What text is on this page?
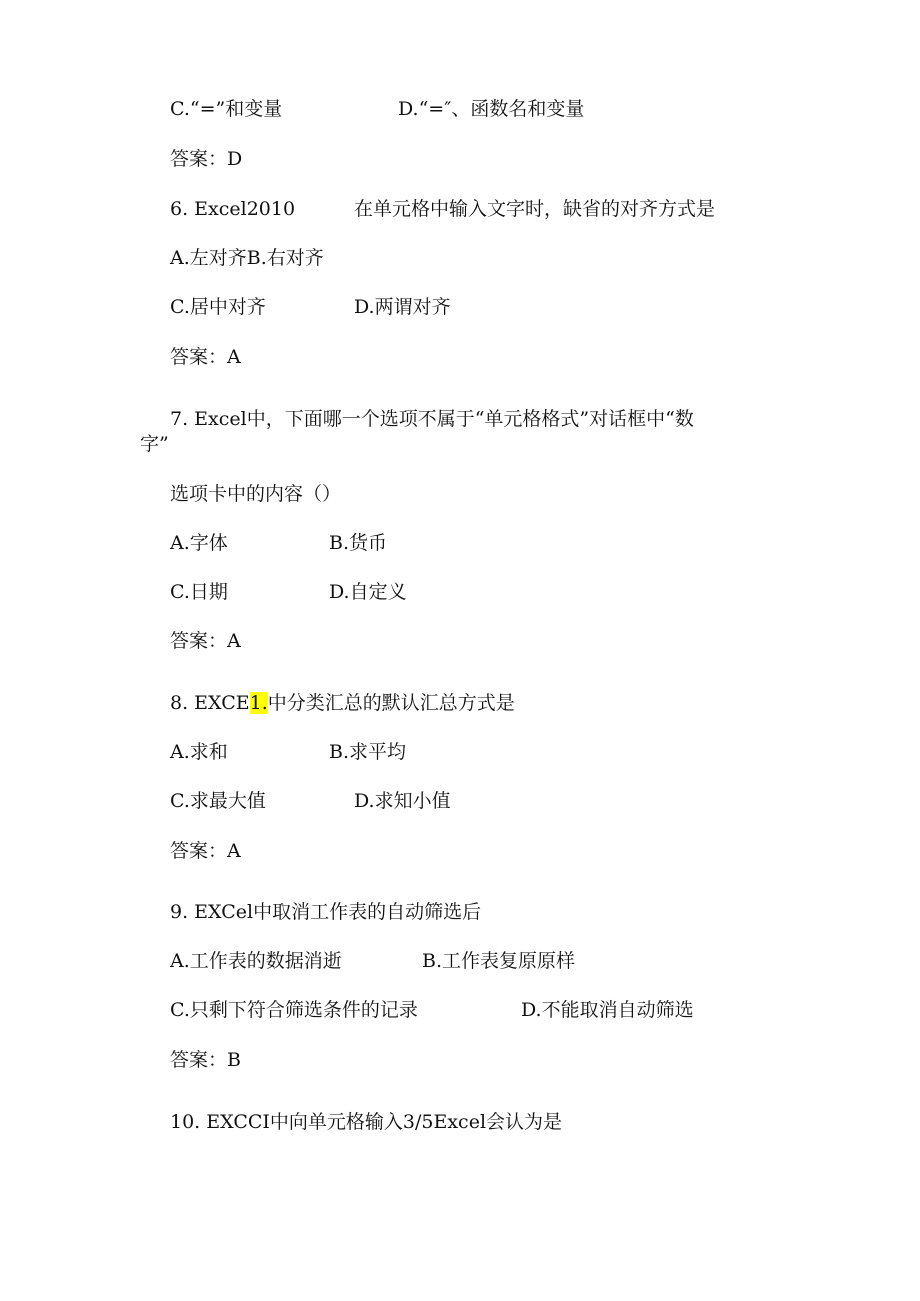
C.“=”和变量	D.“=″、函数名和变量
答案：D
6. Excel2010	在单元格中输入文字时，缺省的对齐方式是
A.左对齐B.右对齐
C.居中对齐	D.两谓对齐
答案：A
7. Excel中，下面哪一个选项不属于“单元格格式”对话框中“数
字”
选项卡中的内容（）
A.字体	B.货币
C.日期	D.自定义
答案：A
8. EXCE1.中分类汇总的默认汇总方式是
A.求和	B.求平均
C.求最大值	D.求知小值
答案：A
9. EXCel中取消工作表的自动筛选后
A.工作表的数据消逝	B.工作表复原原样
C.只剩下符合筛选条件的记录	D.不能取消自动筛选
答案：B
10. EXCCI中向单元格输入3/5Excel会认为是
